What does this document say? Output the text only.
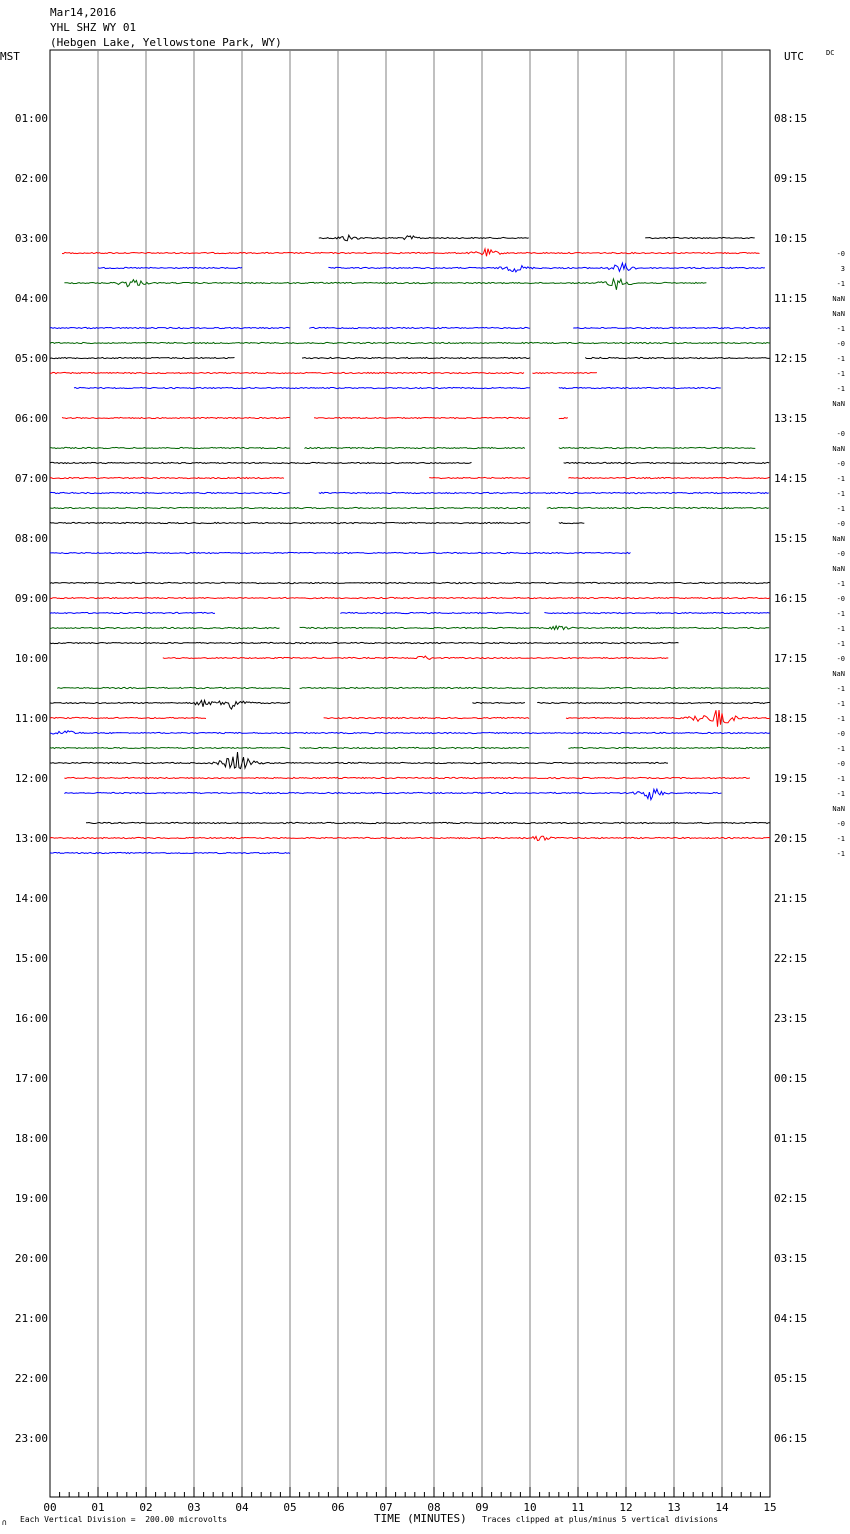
Mar14,2016
YHL SHZ WY 01
(Hebgen Lake, Yellowstone Park, WY)
MST	UTC	DC
01:00
02:00
03:00
04:00
05:00
06:00
07:00
08:00
09:00
10:00
11:00
12:00
13:00
14:00
15:00
16:00
17:00
18:00
19:00
20:00
21:00
22:00
23:00
08:15
09:15
10:15
11:15
12:15
13:15
14:15
15:15
16:15
17:15
18:15
19:15
20:15
21:15
22:15
23:15
00:15
01:15
02:15
03:15
04:15
05:15
06:15
-0
3
-1
NaN
NaN
-1
-0
-1
-1
-1
NaN
-0
NaN
-0
-1
-1
-1
-0
NaN
-0
NaN
-1
-0
-1
-1
-1
-0
NaN
-1
-1
-1
-0
-1
-0
-1
-1
NaN
-0
-1
-1
00	01	02	03	04	05	06	07	08	09	10	11	12	13	14	15
∩ Each Vertical Division =  200.00 microvolts	TIME (MINUTES) Traces clipped at plus/minus 5 vertical divisions
